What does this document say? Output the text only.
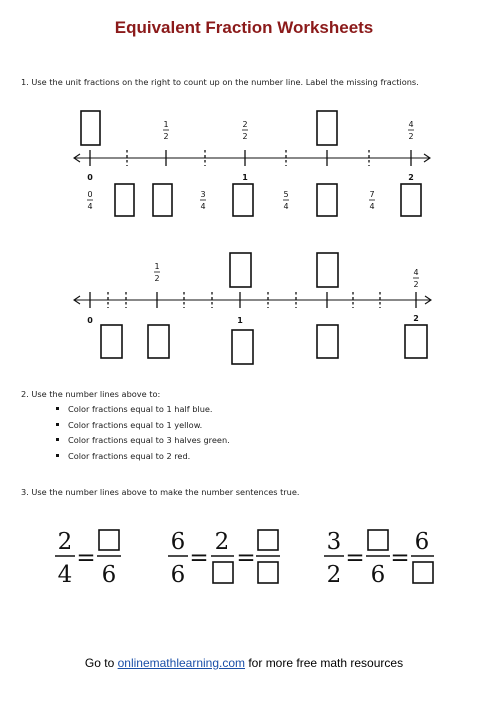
Equivalent Fraction Worksheets
1. Use the unit fractions on the right to count up on the number line. Label the missing fractions.
1
2
2
2
4
2
0	1	2
0
4
3
4
5
4
7
4
1
2
4
2
0	1	2
2
4
=
6
6
6
=
2
=
3
2
=
6
=
6
2. Use the number lines above to:
Color fractions equal to 1 half blue.
Color fractions equal to 1 yellow.
Color fractions equal to 3 halves green.
Color fractions equal to 2 red.
3. Use the number lines above to make the number sentences true.
Go to onlinemathlearning.com for more free math resources
